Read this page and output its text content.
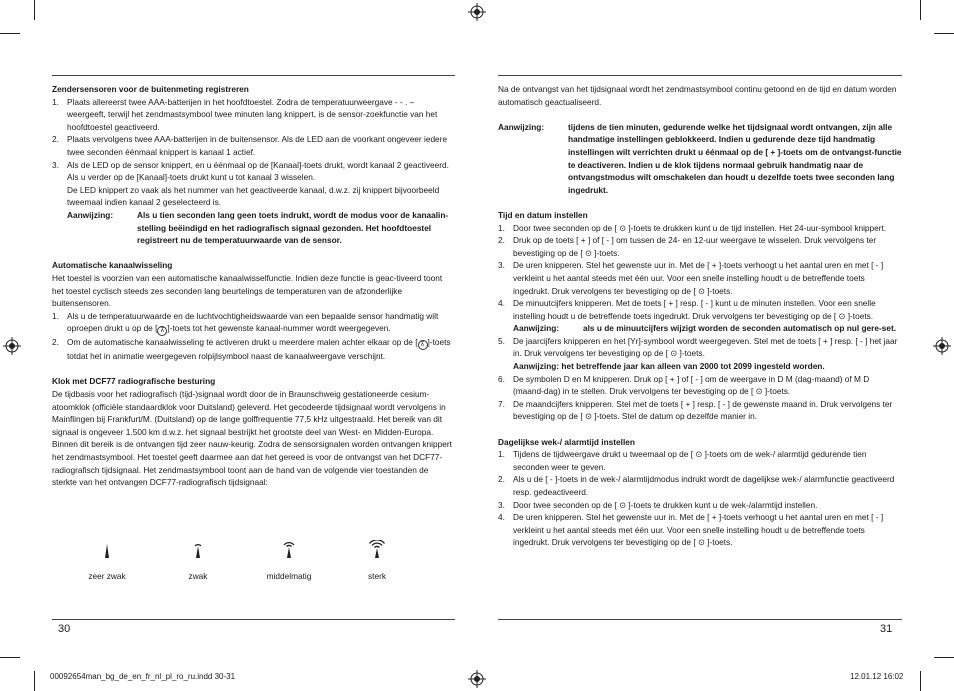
Zendersensoren voor de buitenmeting registreren

1. Plaats allereerst twee AAA-batterijen in het hoofdtoestel. Zodra de temperatuurweergave - - . – weergeeft, terwijl het zendmastsymbool twee minuten lang knippert, is de sensor-zoekfunctie van het hoofdtoestel geactiveerd.
2. Plaats vervolgens twee AAA-batterijen in de buitensensor. Als de LED aan de voorkant ongeveer iedere twee seconden éénmaal knippert is kanaal 1 actief.
3. Als de LED op de sensor knippert, en u éénmaal op de [Kanaal]-toets drukt, wordt kanaal 2 geactiveerd. Als u verder op de [Kanaal]-toets drukt kunt u tot kanaal 3 wisselen.
De LED knippert zo vaak als het nummer van het geactiveerde kanaal, d.w.z. zij knippert bijvoorbeeld tweemaal indien kanaal 2 geselecteerd is.
Aanwijzing:	Als u tien seconden lang geen toets indrukt, wordt de modus voor de kanaalin-stelling beëindigd en het radiografisch signaal gezonden. Het hoofdtoestel registreert nu de temperatuurwaarde van de sensor.

Automatische kanaalwisseling

Het toestel is voorzien van een automatische kanaalwisselfunctie. Indien deze functie is geac-tiveerd toont het toestel cyclisch steeds zes seconden lang beurtelings de temperaturen van de afzonderlijke buitensensoren.

1. Als u de temperatuurwaarde en de luchtvochtigheidswaarde van een bepaalde sensor handmatig wilt oproepen drukt u op de [ ⊼ ]-toets tot het gewenste kanaal-nummer wordt weergegeven.
2. Om de automatische kanaalwisseling te activeren drukt u meerdere malen achter elkaar op de [ ⊼ ]-toets totdat het in animatie weergegeven rolpijlsymbool naast de kanaalweergave verschijnt.

Klok met DCF77 radiografische besturing

De tijdbasis voor het radiografisch (tijd-)signaal wordt door de in Braunschweig gestationeerde cesium-atoomklok (officiële standaardklok voor Duitsland) geleverd. Het gecodeerde tijdsignaal wordt vervolgens in Mainflingen bij Frankfurt/M. (Duitsland) op de lange golffrequentie 77,5 kHz uitgestraald. Het bereik van dit signaal is ongeveer 1.500 km d.w.z. het signaal bestrijkt het grootste deel van West- en Midden-Europa. Binnen dit bereik is de ontvangen tijd zeer nauw-keurig. Zodra de sensorsignalen worden ontvangen knippert het zendmastsymbool. Het toestel geeft daarmee aan dat het gereed is voor de ontvangst van het DCF77-radiografisch tijdsignaal. Het zendmastsymbool toont aan de hand van de volgende vier toestanden de sterkte van het ontvangen DCF77-radiografisch tijdsignaal:

zeer zwak	zwak	middelmatig	sterk

Na de ontvangst van het tijdsignaal wordt het zendmastsymbool continu getoond en de tijd en datum worden automatisch geactualiseerd.

Aanwijzing:	tijdens de tien minuten, gedurende welke het tijdsignaal wordt ontvangen, zijn alle handmatige instellingen geblokkeerd. Indien u gedurende deze tijd handmatig instellingen wilt verrichten drukt u éénmaal op de [ + ]-toets om de ontvangst-functie te deactiveren. Indien u de klok tijdens normaal gebruik handmatig naar de ontvangstmodus wilt omschakelen dan houdt u dezelfde toets twee seconden lang ingedrukt.

Tijd en datum instellen

1. Door twee seconden op de [ ⊙ ]-toets te drukken kunt u de tijd instellen. Het 24-uur-symbool knippert.
2. Druk op de toets [ + ] of [ - ] om tussen de 24- en 12-uur weergave te wisselen. Druk vervolgens ter bevestiging op de [ ⊙ ]-toets.
3. De uren knipperen. Stel het gewenste uur in. Met de [ + ]-toets verhoogt u het aantal uren en met [ - ] verkleint u het aantal steeds met één uur. Voor een snelle instelling houdt u de betreffende toets ingedrukt. Druk vervolgens ter bevestiging op de [ ⊙ ]-toets.
4. De minuutcijfers knipperen. Met de toets [ + ] resp. [ - ] kunt u de minuten instellen. Voor een snelle instelling houdt u de betreffende toets ingedrukt. Druk vervolgens ter bevestiging op de [ ⊙ ]-toets.
Aanwijzing:	als u de minuutcijfers wijzigt worden de seconden automatisch op nul gere-set.
5. De jaarcijfers knipperen en het [Yr]-symbool wordt weergegeven. Stel met de toets [ + ] resp. [ - ] het jaar in. Druk vervolgens ter bevestiging op de [ ⊙ ]-toets.
Aanwijzing: het betreffende jaar kan alleen van 2000 tot 2099 ingesteld worden.
6. De symbolen D en M knipperen. Druk op [ + ] of [ - ] om de weergave in D M (dag-maand) of M D (maand-dag) in te stellen. Druk vervolgens ter bevestiging op de [ ⊙ ]-toets.
7. De maandcijfers knipperen. Stel met de toets [ + ] resp. [ - ] de gewenste maand in. Druk vervolgens ter bevestiging op de [ ⊙ ]-toets. Stel de datum op dezelfde manier in.

Dagelijkse wek-/ alarmtijd instellen

1. Tijdens de tijdweergave drukt u tweemaal op de [ ⊙ ]-toets om de wek-/ alarmtijd gedurende tien seconden weer te geven.
2. Als u de [ - ]-toets in de wek-/ alarmtijdmodus indrukt wordt de dagelijkse wek-/ alarmfunctie geactiveerd resp. gedeactiveerd.
3. Door twee seconden op de [ ⊙ ]-toets te drukken kunt u de wek-/alarmtijd instellen.
4. De uren knipperen. Stel het gewenste uur in. Met de [ + ]-toets verhoogt u het aantal uren en met [ - ] verkleint u het aantal steeds met één uur. Voor een snelle instelling houdt u de betreffende toets ingedrukt. Druk vervolgens ter bevestiging op de [ ⊙ ]-toets.
30	31
00092654man_bg_de_en_fr_nl_pl_ro_ru.indd 30-31	12.01.12 16:02
